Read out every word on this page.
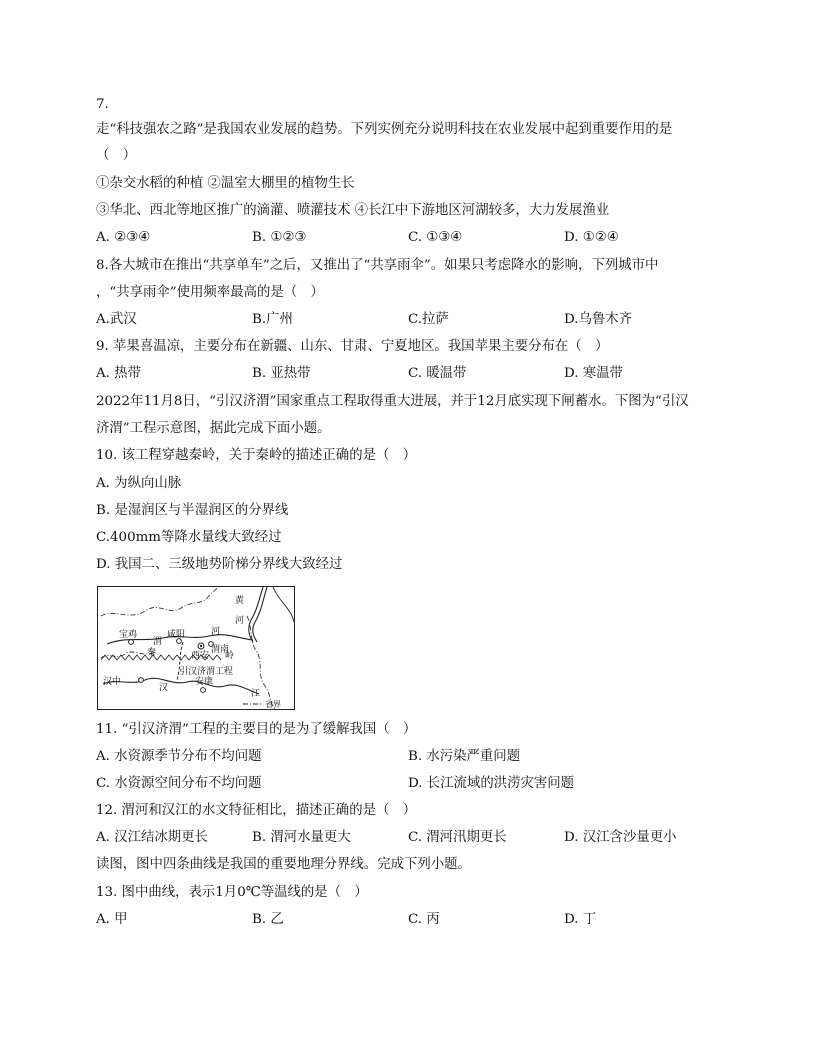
7.
走“科技强农之路”是我国农业发展的趋势。下列实例充分说明科技在农业发展中起到重要作用的是
（　）
①杂交水稻的种植 ②温室大棚里的植物生长
③华北、西北等地区推广的滴灌、喷灌技术 ④长江中下游地区河湖较多，大力发展渔业
A. ②③④	B. ①②③	C. ①③④	D. ①②④
8.各大城市在推出“共享单车”之后，又推出了“共享雨伞”。如果只考虑降水的影响，下列城市中
，“共享雨伞”使用频率最高的是（　）
A.武汉	B.广州	C.拉萨	D.乌鲁木齐
9. 苹果喜温凉，主要分布在新疆、山东、甘肃、宁夏地区。我国苹果主要分布在（　）
A. 热带	B. 亚热带	C. 暖温带	D. 寒温带
2022年11月8日，“引汉济渭”国家重点工程取得重大进展，并于12月底实现下闸蓄水。下图为“引汉
济渭”工程示意图，据此完成下面小题。
10. 该工程穿越秦岭，关于秦岭的描述正确的是（　）
A. 为纵向山脉
B. 是湿润区与半湿润区的分界线
C.400mm等降水量线大致经过
D. 我国二、三级地势阶梯分界线大致经过
黄
河
宝鸡
渭
咸阳	河
渭南
秦	西安 岭
引汉济渭工程
汉中
汉
安康
江
省界
11. “引汉济渭”工程的主要目的是为了缓解我国（　）
A. 水资源季节分布不均问题	B. 水污染严重问题
C. 水资源空间分布不均问题	D. 长江流域的洪涝灾害问题
12. 渭河和汉江的水文特征相比，描述正确的是（　）
A. 汉江结冰期更长	B. 渭河水量更大	C. 渭河汛期更长	D. 汉江含沙量更小
读图，图中四条曲线是我国的重要地理分界线。完成下列小题。
13. 图中曲线，表示1月0℃等温线的是（　）
A. 甲	B. 乙	C. 丙	D. 丁
